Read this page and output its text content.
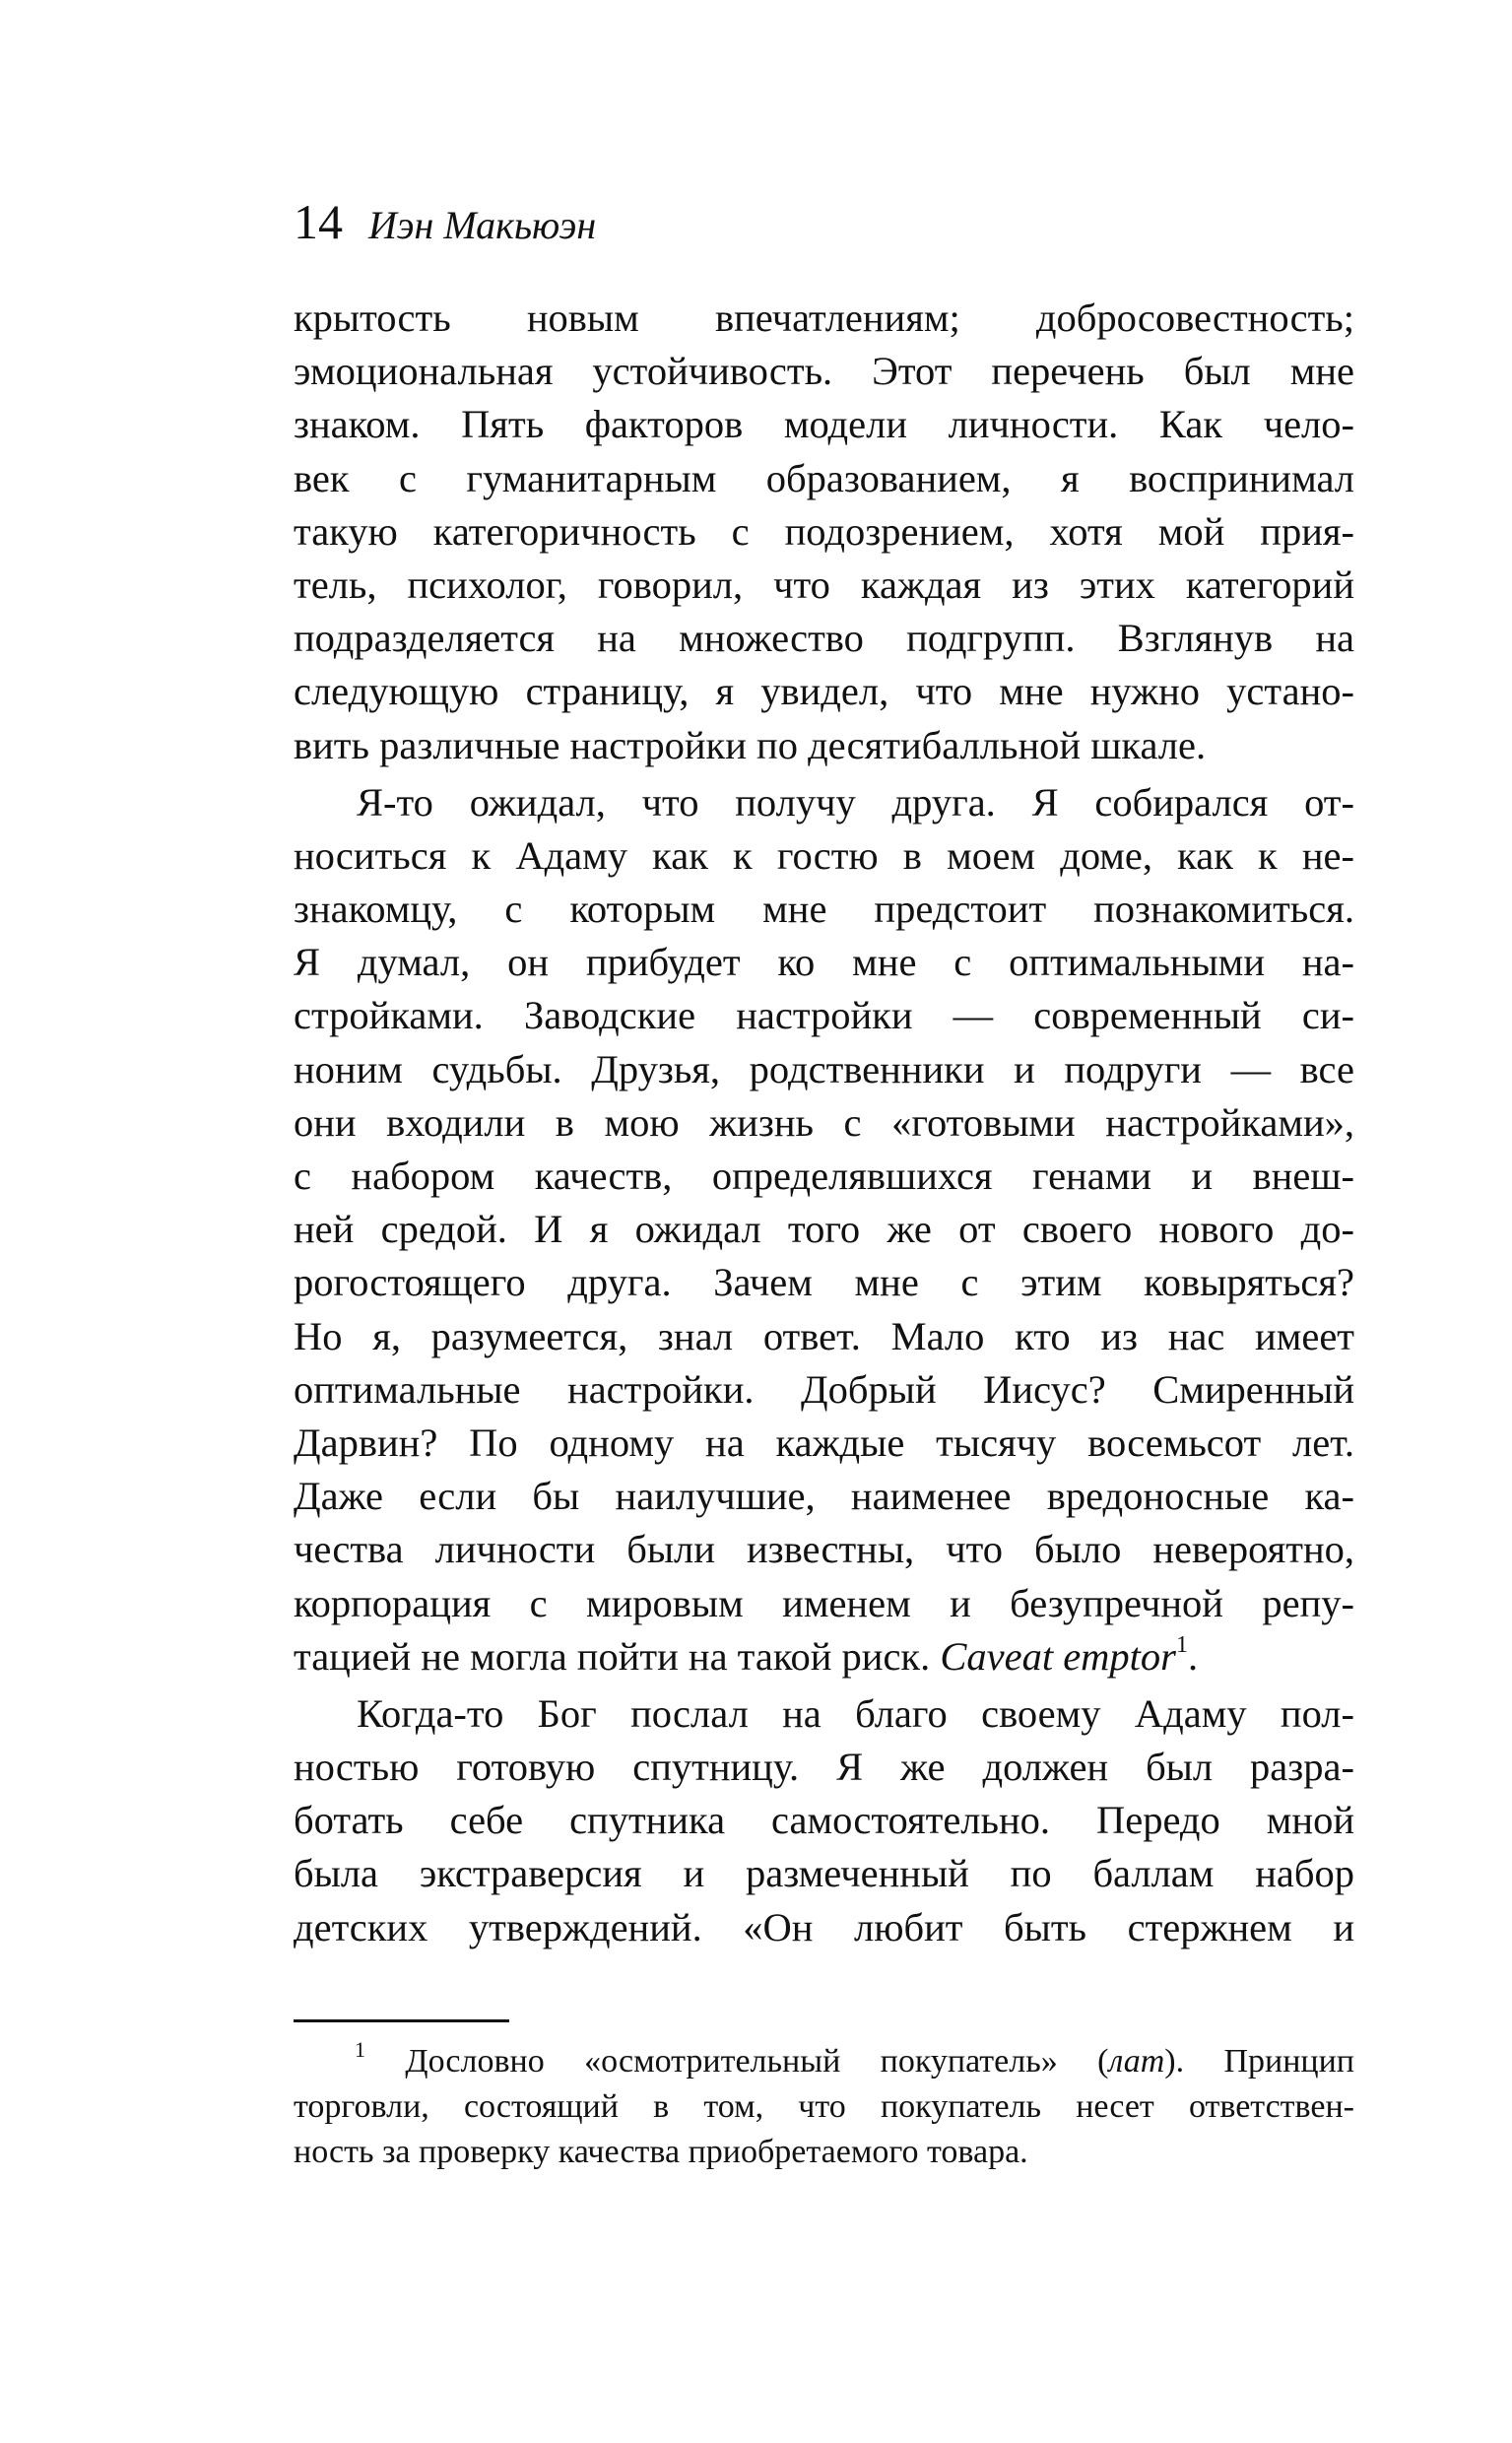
14 Иэн Макьюэн
крытость новым впечатлениям; добросовестность;
эмоциональная устойчивость. Этот перечень был мне
знаком. Пять факторов модели личности. Как чело-
век с гуманитарным образованием, я воспринимал
такую категоричность с подозрением, хотя мой прия-
тель, психолог, говорил, что каждая из этих категорий
подразделяется на множество подгрупп. Взглянув на
следующую страницу, я увидел, что мне нужно устано-
вить различные настройки по десятибалльной шкале.
Я-то ожидал, что получу друга. Я собирался от-
носиться к Адаму как к гостю в моем доме, как к не-
знакомцу, с которым мне предстоит познакомиться.
Я думал, он прибудет ко мне с оптимальными на-
стройками. Заводские настройки — современный си-
ноним судьбы. Друзья, родственники и подруги — все
они входили в мою жизнь с «готовыми настройками»,
с набором качеств, определявшихся генами и внеш-
ней средой. И я ожидал того же от своего нового до-
рогостоящего друга. Зачем мне с этим ковыряться?
Но я, разумеется, знал ответ. Мало кто из нас имеет
оптимальные настройки. Добрый Иисус? Смиренный
Дарвин? По одному на каждые тысячу восемьсот лет.
Даже если бы наилучшие, наименее вредоносные ка-
чества личности были известны, что было невероятно,
корпорация с мировым именем и безупречной репу-
тацией не могла пойти на такой риск. Caveat emptor$^1$.
Когда-то Бог послал на благо своему Адаму пол-
ностью готовую спутницу. Я же должен был разра-
ботать себе спутника самостоятельно. Передо мной
была экстраверсия и размеченный по баллам набор
детских утверждений. «Он любит быть стержнем и
$^1$ Дословно «осмотрительный покупатель» (лат). Принцип
торговли, состоящий в том, что покупатель несет ответствен-
ность за проверку качества приобретаемого товара.
